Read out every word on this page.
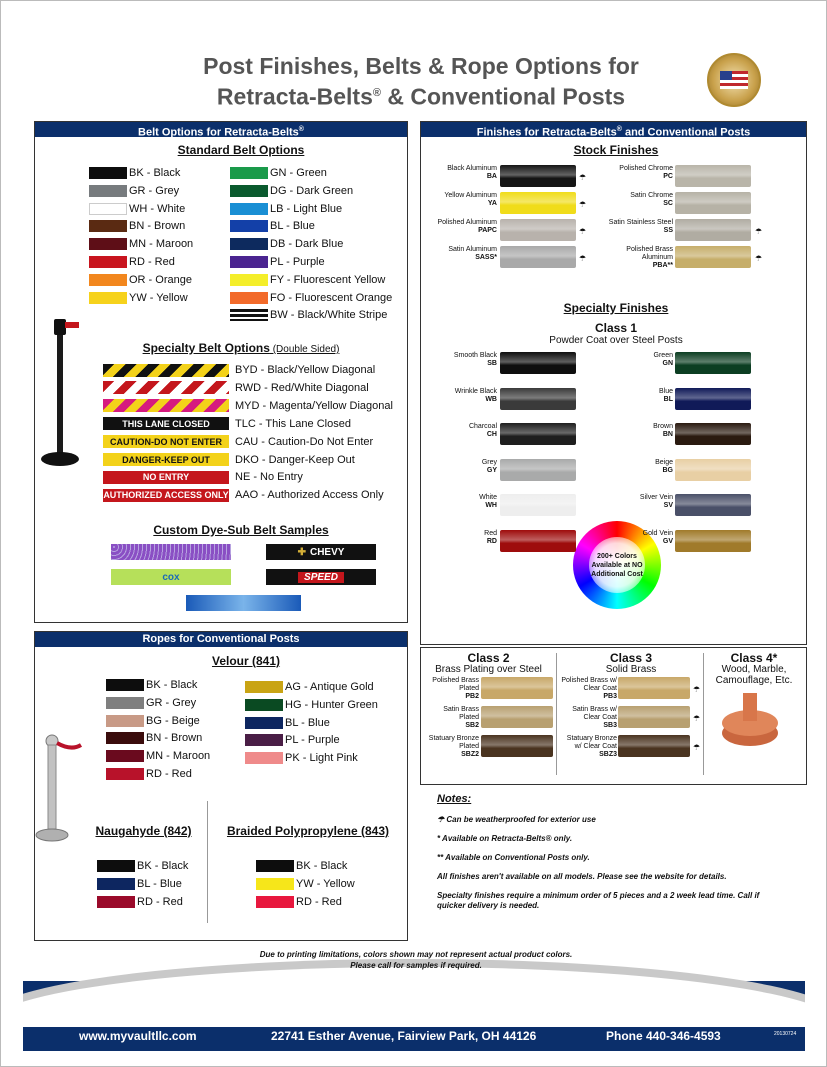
Post Finishes, Belts & Rope Options for
Retracta-Belts® & Conventional Posts
Belt Options for Retracta-Belts®
Standard Belt Options
Specialty Belt Options (Double Sided)
Custom Dye-Sub Belt Samples
✚ CHEVY
cox	SPEED
Ropes for Conventional Posts
Velour (841)
Naugahyde (842)	Braided Polypropylene (843)
Finishes for Retracta-Belts® and Conventional Posts
Stock Finishes
Specialty Finishes
Class 1
Powder Coat over Steel Posts
200+ Colors Available at NO Additional Cost
Class 2
Brass Plating over Steel
Class 3
Solid Brass
Class 4*
Wood, Marble, Camouflage, Etc.
Notes:

☂ Can be weatherproofed for exterior use

* Available on Retracta-Belts® only.

** Available on Conventional Posts only.

All finishes aren't available on all models. Please see the website for details.

Specialty finishes require a minimum order of 5 pieces and a 2 week lead time. Call if quicker delivery is needed.

Due to printing limitations, colors shown may not represent actual product colors. Please call for samples if required.
My Vault LLC	Contact: Roger Zavodny	e-mail: roger@myvaultllc.com
www.myvaultllc.com	22741 Esther Avenue, Fairview Park, OH 44126	Phone 440-346-4593	20130724
BK - Black
GR - Grey
WH - White
BN - Brown
MN - Maroon
RD - Red
OR - Orange
YW - Yellow
GN - Green
DG - Dark Green
LB - Light Blue
BL - Blue
DB - Dark Blue
PL - Purple
FY - Fluorescent Yellow
FO - Fluorescent Orange
BW - Black/White Stripe
BK - Black
GR - Grey
BG - Beige
BN - Brown
MN - Maroon
RD - Red
AG - Antique Gold
HG - Hunter Green
BL - Blue
PL - Purple
PK - Light Pink
BK - Black
BL - Blue
RD - Red
BK - Black
YW - Yellow
RD - Red
BYD - Black/Yellow Diagonal
RWD - Red/White Diagonal
MYD - Magenta/Yellow Diagonal
THIS LANE CLOSED	TLC - This Lane Closed
CAUTION-DO NOT ENTER	CAU - Caution-Do Not Enter
DANGER-KEEP OUT	DKO - Danger-Keep Out
NO ENTRY	NE - No Entry
AUTHORIZED ACCESS ONLY AAO - Authorized Access Only
Black Aluminum
BA	☂
Yellow Aluminum
YA	☂
Polished Aluminum
PAPC	☂
Satin Aluminum
SASS*	☂
Polished Chrome
PC
Satin Chrome
SC
Satin Stainless Steel
SS	☂
Polished Brass Aluminum
PBA**
☂
Smooth Black
SB
Wrinkle Black
WB
Charcoal
CH
Grey
GY
White
WH
Red
RD
Green
GN
Blue
BL
Brown
BN
Beige
BG
Silver Vein
SV
Gold Vein
GV
Polished Brass Plated
PB2
Satin Brass Plated
SB2
Statuary Bronze Plated
SBZ2
Polished Brass w/ Clear Coat
PB3
☂
Satin Brass w/ Clear Coat
SB3
☂
Statuary Bronze w/ Clear Coat
SBZ3
☂
